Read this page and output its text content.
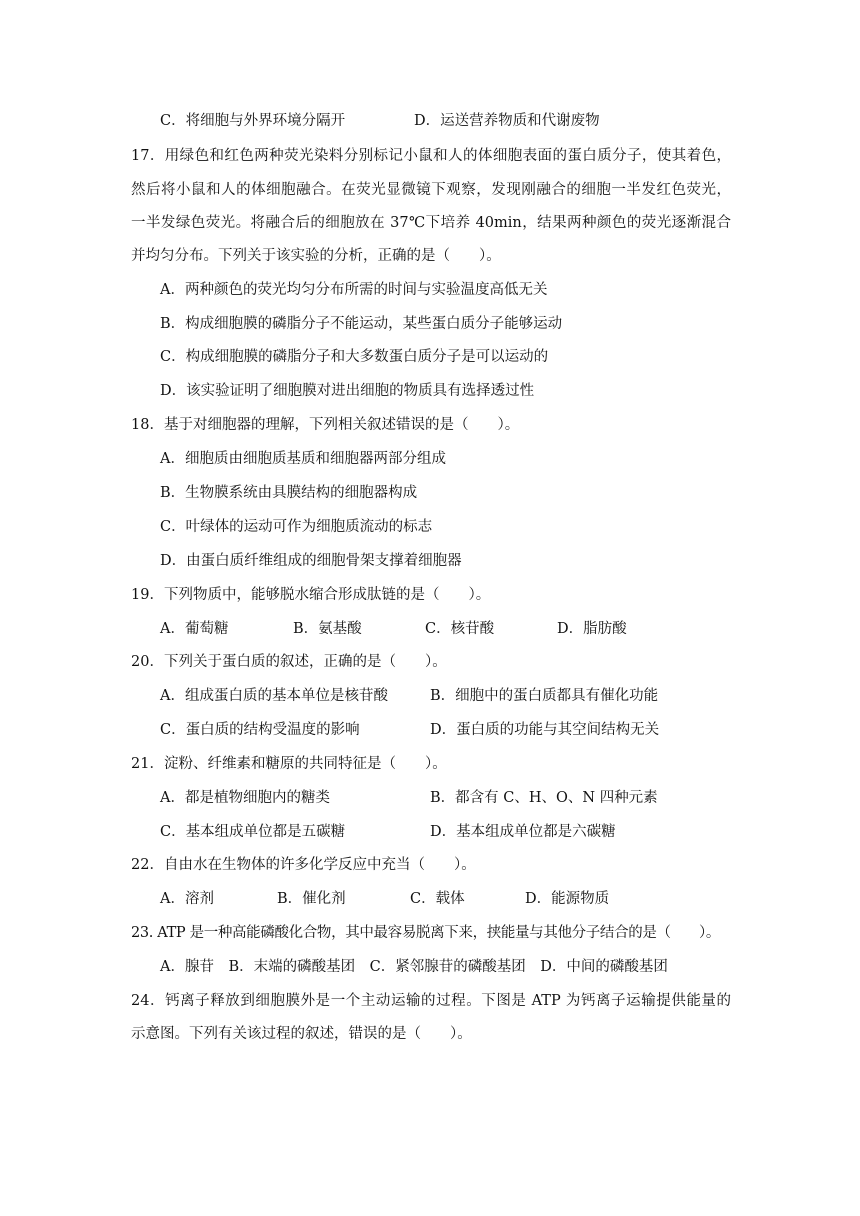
C．将细胞与外界环境分隔开	D．运送营养物质和代谢废物
17．用绿色和红色两种荧光染料分别标记小鼠和人的体细胞表面的蛋白质分子，使其着色，
然后将小鼠和人的体细胞融合。在荧光显微镜下观察，发现刚融合的细胞一半发红色荧光，
一半发绿色荧光。将融合后的细胞放在 37℃下培养 40min，结果两种颜色的荧光逐渐混合
并均匀分布。下列关于该实验的分析，正确的是（　　）。
A．两种颜色的荧光均匀分布所需的时间与实验温度高低无关
B．构成细胞膜的磷脂分子不能运动，某些蛋白质分子能够运动
C．构成细胞膜的磷脂分子和大多数蛋白质分子是可以运动的
D．该实验证明了细胞膜对进出细胞的物质具有选择透过性
18．基于对细胞器的理解，下列相关叙述错误的是（　　）。
A．细胞质由细胞质基质和细胞器两部分组成
B．生物膜系统由具膜结构的细胞器构成
C．叶绿体的运动可作为细胞质流动的标志
D．由蛋白质纤维组成的细胞骨架支撑着细胞器
19．下列物质中，能够脱水缩合形成肽链的是（　　）。
A．葡萄糖	B．氨基酸	C．核苷酸	D．脂肪酸
20．下列关于蛋白质的叙述，正确的是（　　）。
A．组成蛋白质的基本单位是核苷酸	B．细胞中的蛋白质都具有催化功能
C．蛋白质的结构受温度的影响	D．蛋白质的功能与其空间结构无关
21．淀粉、纤维素和糖原的共同特征是（　　）。
A．都是植物细胞内的糖类	B．都含有 C、H、O、N 四种元素
C．基本组成单位都是五碳糖	D．基本组成单位都是六碳糖
22．自由水在生物体的许多化学反应中充当（　　）。
A．溶剂	B．催化剂	C．载体	D．能源物质
23. ATP 是一种高能磷酸化合物，其中最容易脱离下来，挟能量与其他分子结合的是（　　）。
A．腺苷　B．末端的磷酸基团　C．紧邻腺苷的磷酸基团　D．中间的磷酸基团
24．钙离子释放到细胞膜外是一个主动运输的过程。下图是 ATP 为钙离子运输提供能量的
示意图。下列有关该过程的叙述，错误的是（　　）。
